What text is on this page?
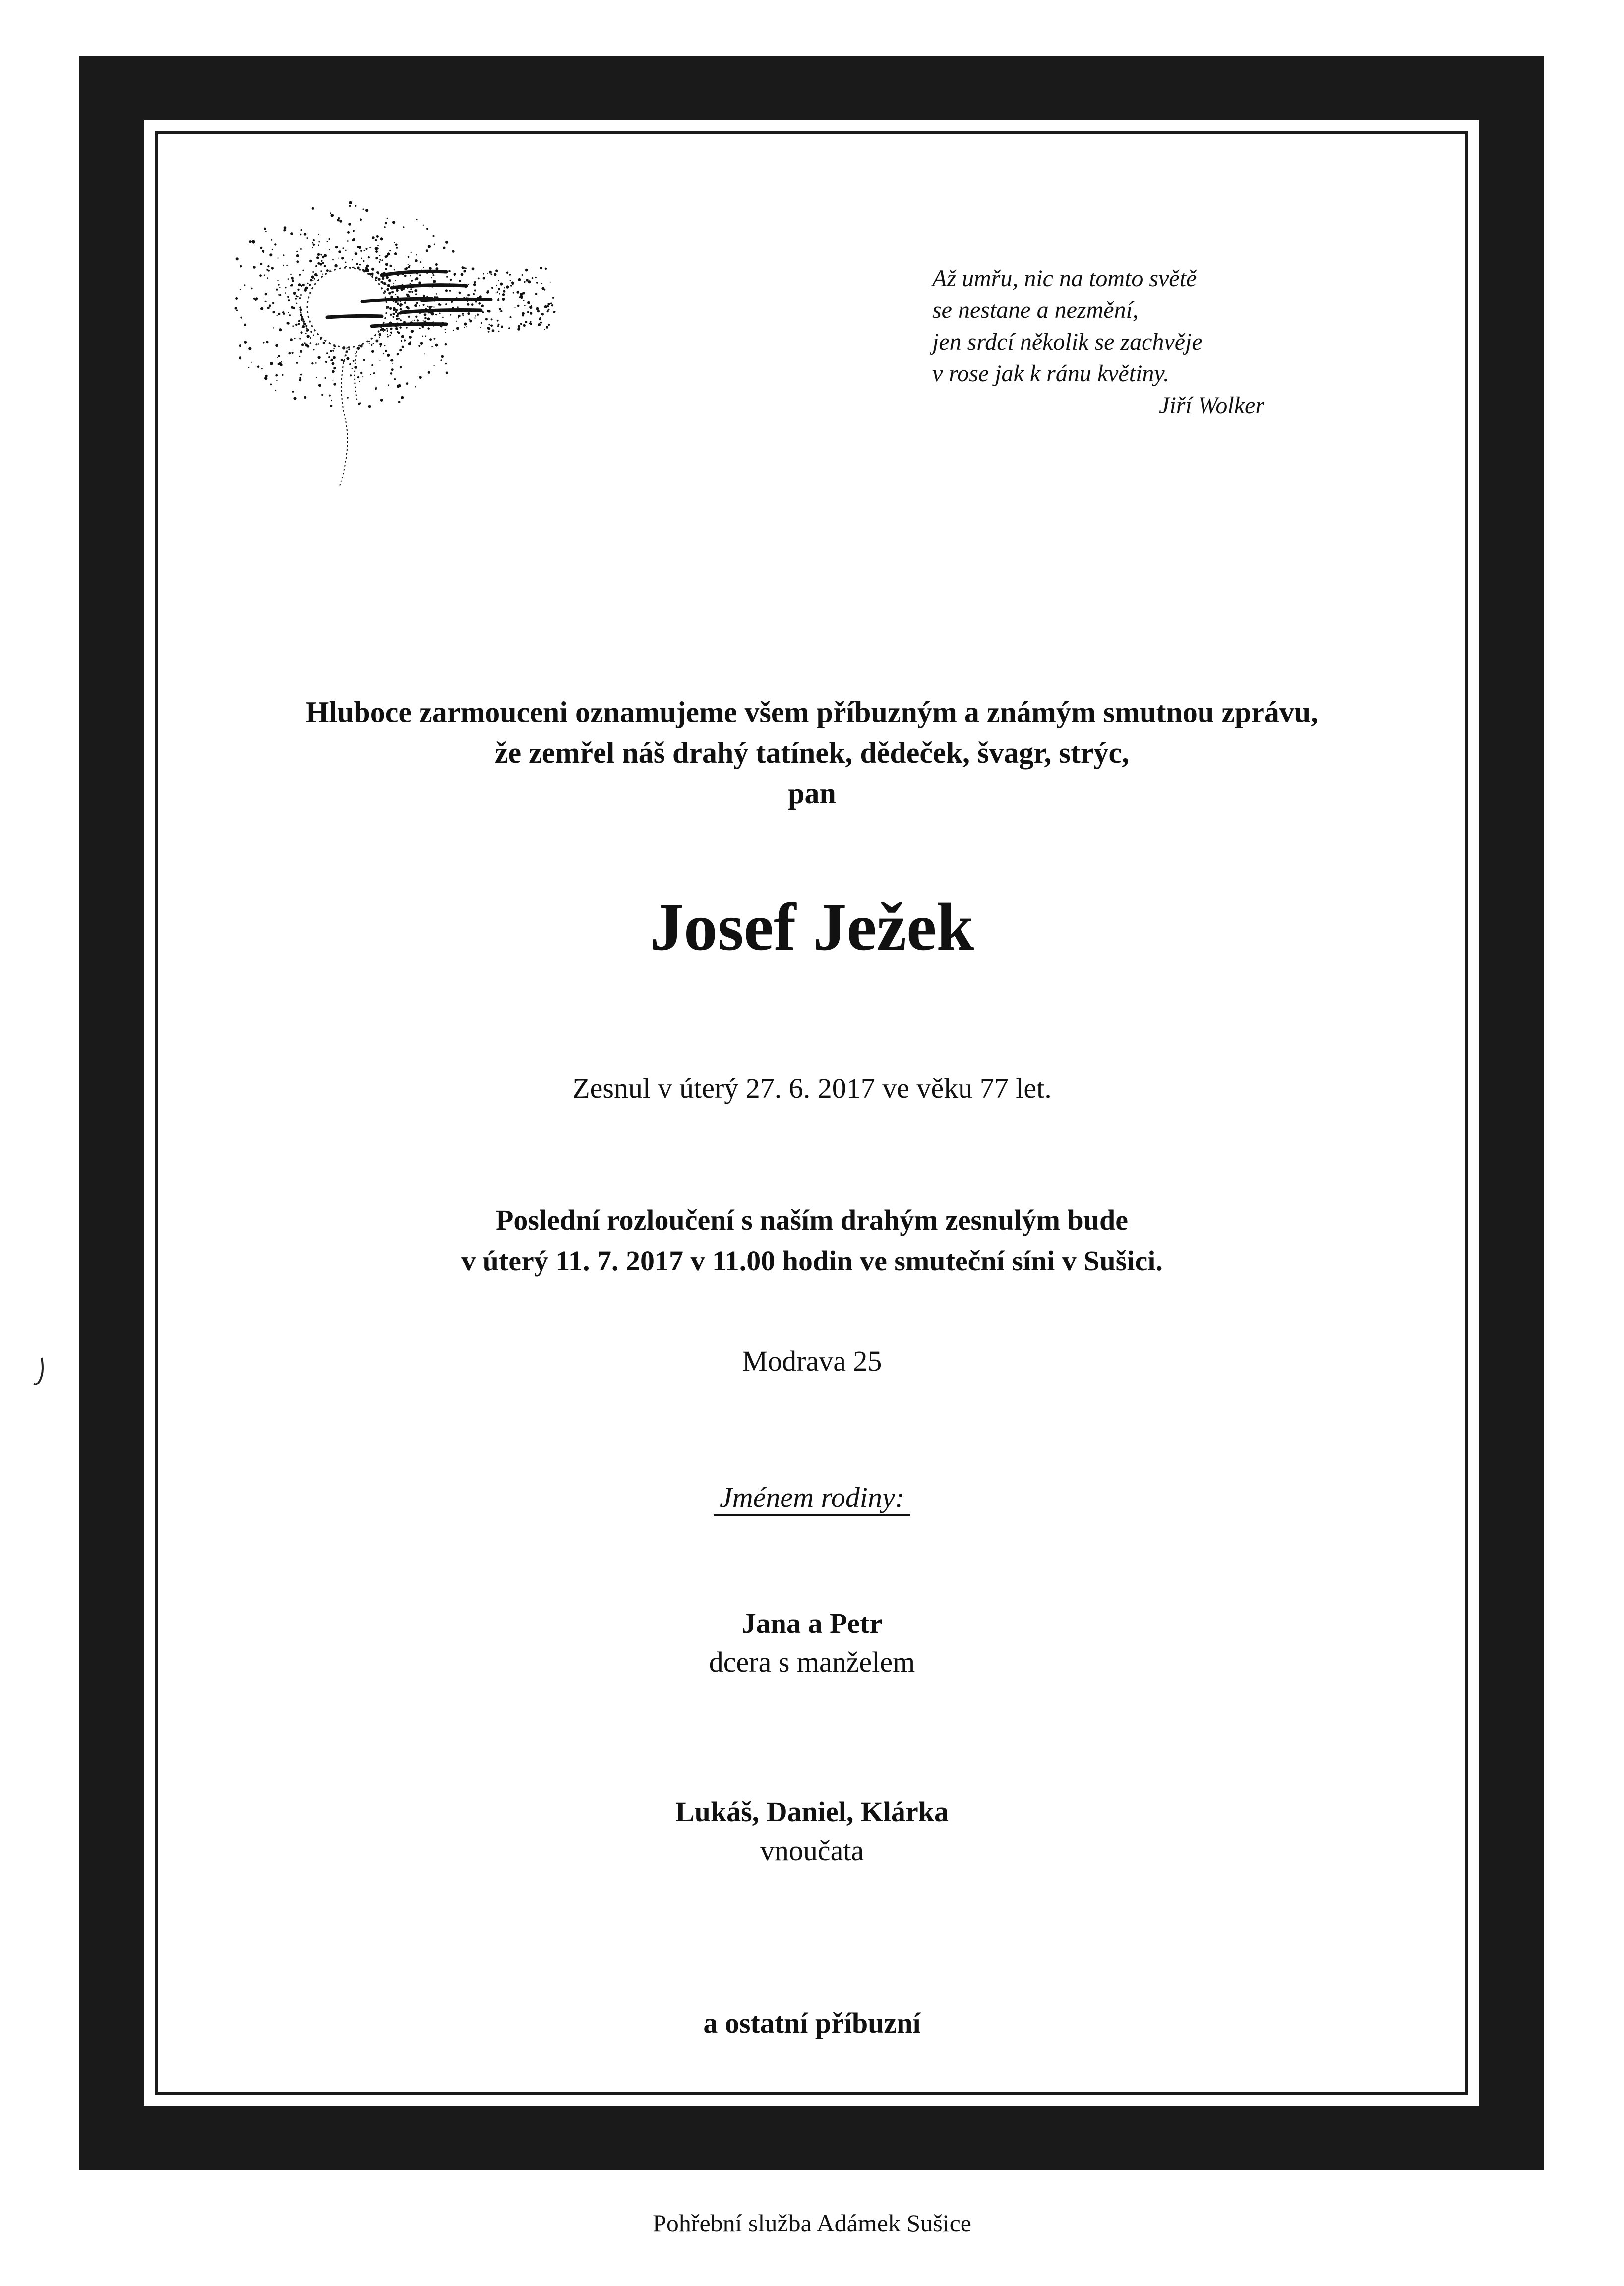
Až umřu, nic na tomto světě
se nestane a nezmění,
jen srdcí několik se zachvěje
v rose jak k ránu květiny.
Jiří Wolker
Hluboce zarmouceni oznamujeme všem příbuzným a známým smutnou zprávu,
že zemřel náš drahý tatínek, dědeček, švagr, strýc,
pan
Josef Ježek
Zesnul v úterý 27. 6. 2017 ve věku 77 let.
Poslední rozloučení s naším drahým zesnulým bude
v úterý 11. 7. 2017 v 11.00 hodin ve smuteční síni v Sušici.
Modrava 25
Jménem rodiny:
Jana a Petr
dcera s manželem
Lukáš, Daniel, Klárka
vnoučata
a ostatní příbuzní
Pohřební služba Adámek Sušice
